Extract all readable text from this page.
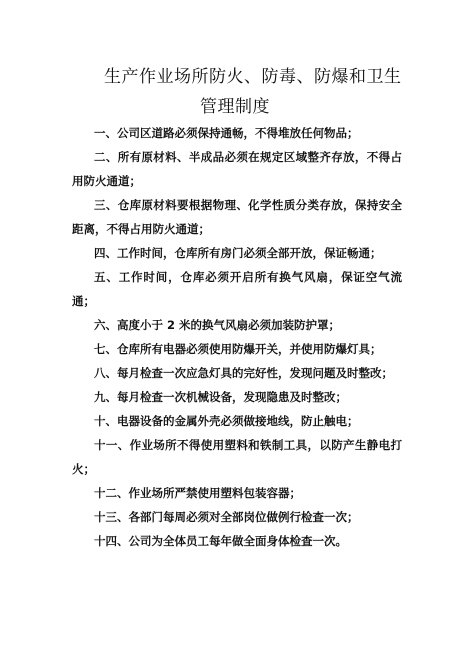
生产作业场所防火、防毒、防爆和卫生
管理制度

一、公司区道路必须保持通畅，不得堆放任何物品；

二、所有原材料、半成品必须在规定区域整齐存放，不得占用防火通道；

三、仓库原材料要根据物理、化学性质分类存放，保持安全距离，不得占用防火通道；

四、工作时间，仓库所有房门必须全部开放，保证畅通；

五、工作时间，仓库必须开启所有换气风扇，保证空气流通；

六、高度小于 2 米的换气风扇必须加装防护罩；

七、仓库所有电器必须使用防爆开关，并使用防爆灯具；

八、每月检查一次应急灯具的完好性，发现问题及时整改；

九、每月检查一次机械设备，发现隐患及时整改；

十、电器设备的金属外壳必须做接地线，防止触电；

十一、作业场所不得使用塑料和铁制工具，以防产生静电打火；

十二、作业场所严禁使用塑料包装容器；

十三、各部门每周必须对全部岗位做例行检查一次；

十四、公司为全体员工每年做全面身体检查一次。
